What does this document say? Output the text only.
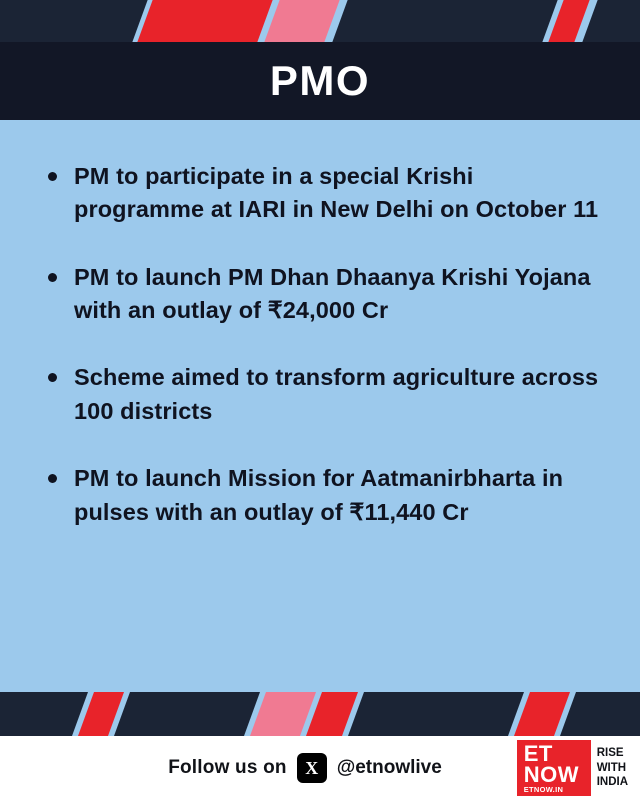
PMO
PM to participate in a special Krishi programme at IARI in New Delhi on October 11
PM to launch PM Dhan Dhaanya Krishi Yojana with an outlay of ₹24,000 Cr
Scheme aimed to transform agriculture across 100 districts
PM to launch Mission for Aatmanirbharta in pulses with an outlay of ₹11,440 Cr
Follow us on	X @etnowlive
ET
NOW
ETNOW.IN
RISE
WITH
INDIA
